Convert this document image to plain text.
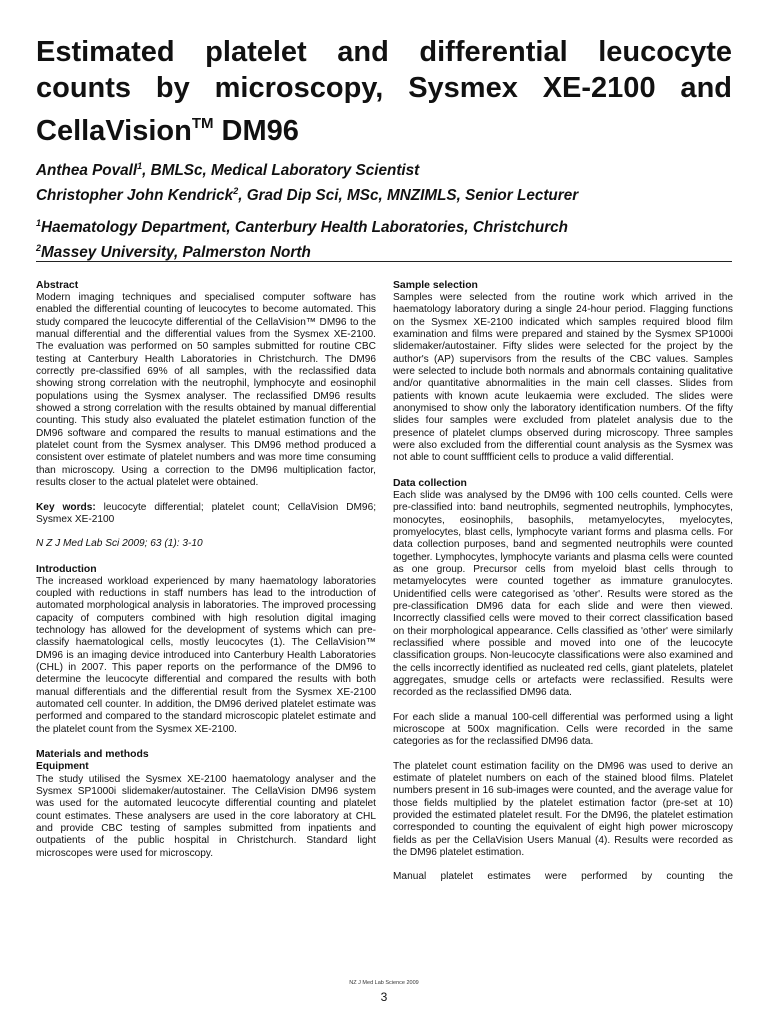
Estimated platelet and differential leucocyte counts by microscopy, Sysmex XE-2100 and CellaVision™ DM96

Anthea Povall$^1$, BMLSc, Medical Laboratory Scientist

Christopher John Kendrick$^2$, Grad Dip Sci, MSc, MNZIMLS, Senior Lecturer

$^1$Haematology Department, Canterbury Health Laboratories, Christchurch

$^2$Massey University, Palmerston North

Abstract

Modern imaging techniques and specialised computer software has enabled the differential counting of leucocytes to become automated. This study compared the leucocyte differential of the CellaVision™ DM96 to the manual differential and the differential values from the Sysmex XE-2100. The evaluation was performed on 50 samples submitted for routine CBC testing at Canterbury Health Laboratories in Christchurch. The DM96 correctly pre-classified 69% of all samples, with the reclassified data showing strong correlation with the neutrophil, lymphocyte and eosinophil populations using the Sysmex analyser. The reclassified DM96 results showed a strong correlation with the results obtained by manual differential counting. This study also evaluated the platelet estimation function of the DM96 software and compared the results to manual estimations and the platelet count from the Sysmex analyser. This DM96 method produced a consistent over estimate of platelet numbers and was more time consuming than microscopy. Using a correction to the DM96 multiplication factor, results closer to the actual platelet were obtained.

Key words: leucocyte differential; platelet count; CellaVision DM96; Sysmex XE-2100

N Z J Med Lab Sci 2009; 63 (1): 3-10

Introduction

The increased workload experienced by many haematology laboratories coupled with reductions in staff numbers has lead to the introduction of automated morphological analysis in laboratories. The improved processing capacity of computers combined with high resolution digital imaging technology has allowed for the development of systems which can pre-classify haematological cells, mostly leucocytes (1). The CellaVision™ DM96 is an imaging device introduced into Canterbury Health Laboratories (CHL) in 2007. This paper reports on the performance of the DM96 to determine the leucocyte differential and compared the results with both manual differentials and the differential result from the Sysmex XE-2100 automated cell counter. In addition, the DM96 derived platelet estimate was performed and compared to the standard microscopic platelet estimate and the platelet count from the Sysmex XE-2100.

Materials and methods
Equipment

The study utilised the Sysmex XE-2100 haematology analyser and the Sysmex SP1000i slidemaker/autostainer. The CellaVision DM96 system was used for the automated leucocyte differential counting and platelet count estimates. These analysers are used in the core laboratory at CHL and provide CBC testing of samples submitted from inpatients and outpatients of the public hospital in Christchurch. Standard light microscopes were used for microscopy.

Sample selection

Samples were selected from the routine work which arrived in the haematology laboratory during a single 24-hour period. Flagging functions on the Sysmex XE-2100 indicated which samples required blood film examination and films were prepared and stained by the Sysmex SP1000i slidemaker/autostainer. Fifty slides were selected for the project by the author's (AP) supervisors from the results of the CBC values. Samples were selected to include both normals and abnormals containing qualitative and/or quantitative abnormalities in the main cell classes. Slides from patients with known acute leukaemia were excluded. The slides were anonymised to show only the laboratory identification numbers. Of the fifty slides four samples were excluded from platelet analysis due to the presence of platelet clumps observed during microscopy. Three samples were also excluded from the differential count analysis as the Sysmex was not able to count sufffficient cells to produce a valid differential.

Data collection

Each slide was analysed by the DM96 with 100 cells counted. Cells were pre-classified into: band neutrophils, segmented neutrophils, lymphocytes, monocytes, eosinophils, basophils, metamyelocytes, myelocytes, promyelocytes, blast cells, lymphocyte variant forms and plasma cells. For data collection purposes, band and segmented neutrophils were counted together. Lymphocytes, lymphocyte variants and plasma cells were counted as one group. Precursor cells from myeloid blast cells through to metamyelocytes were counted together as immature granulocytes. Unidentified cells were categorised as 'other'. Results were stored as the pre-classification DM96 data for each slide and were then viewed. Incorrectly classified cells were moved to their correct classification based on their morphological appearance. Cells classified as 'other' were similarly reclassified where possible and moved into one of the leucocyte classification groups. Non-leucocyte classifications were also examined and the cells incorrectly identified as nucleated red cells, giant platelets, platelet aggregates, smudge cells or artefacts were reclassified. Results were recorded as the reclassified DM96 data.

For each slide a manual 100-cell differential was performed using a light microscope at 500x magnification. Cells were recorded in the same categories as for the reclassified DM96 data.

The platelet count estimation facility on the DM96 was used to derive an estimate of platelet numbers on each of the stained blood films. Platelet numbers present in 16 sub-images were counted, and the average value for those fields multiplied by the platelet estimation factor (pre-set at 10) provided the estimated platelet result. For the DM96, the platelet estimation corresponded to counting the equivalent of eight high power microscopy fields as per the CellaVision Users Manual (4). Results were recorded as the DM96 platelet estimation.

Manual platelet estimates were performed by counting the

NZ J Med Lab Science 2009
3
